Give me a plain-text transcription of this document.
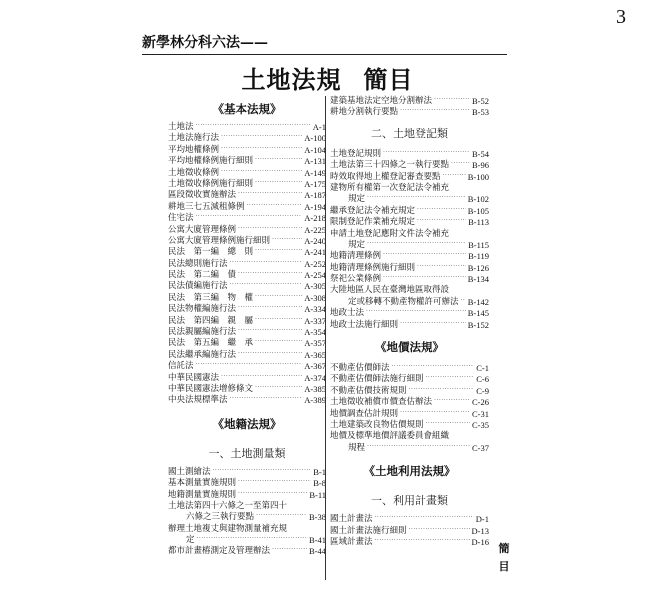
3
新學林分科六法——
土地法規 簡目
《基本法規》
土地法 ·····	A-1
土地法施行法 ·····	A-100
平均地權條例 ·····	A-104
平均地權條例施行細則 ·····	A-131
土地徵收條例 ·····	A-149
土地徵收條例施行細則 ·····	A-175
區段徵收實施辦法 ·····	A-187
耕地三七五減租條例 ·····	A-194
住宅法 ·····	A-218
公寓大廈管理條例 ·····	A-225
公寓大廈管理條例施行細則 ·····	A-240
民法　第一編　總　則 ·····	A-241
民法總則施行法 ·····	A-252
民法　第二編　債 ·····	A-254
民法債編施行法 ·····	A-305
民法　第三編　物　權 ·····	A-308
民法物權編施行法 ·····	A-334
民法　第四編　親　屬 ·····	A-337
民法親屬編施行法 ·····	A-354
民法　第五編　繼　承 ·····	A-357
民法繼承編施行法 ·····	A-365
信託法 ·····	A-367
中華民國憲法 ·····	A-374
中華民國憲法增修條文 ·····	A-385
中央法規標準法 ·····	A-389
《地籍法規》
一、土地測量類
國土測繪法 ·····	B-1
基本測量實施規則 ·····	B-8
地籍測量實施規則 ·····	B-11
土地法第四十六條之一至第四十
六條之三執行要點 ·····	B-38
辦理土地複丈與建物測量補充規
定 ·····	B-41
都市計畫樁測定及管理辦法 ·····	B-44
建築基地法定空地分割辦法 ·····	B-52
耕地分割執行要點 ·····	B-53
二、土地登記類
土地登記規則 ·····	B-54
土地法第三十四條之一執行要點 ·····	B-96
時效取得地上權登記審查要點 ·····	B-100
建物所有權第一次登記法令補充
規定 ·····	B-102
繼承登記法令補充規定 ·····	B-105
限制登記作業補充規定 ·····	B-113
申請土地登記應附文件法令補充
規定 ·····	B-115
地籍清理條例 ·····	B-119
地籍清理條例施行細則 ·····	B-126
祭祀公業條例 ·····	B-134
大陸地區人民在臺灣地區取得設
定或移轉不動產物權許可辦法 ····· B-142
地政士法 ·····	B-145
地政士法施行細則 ·····	B-152
《地價法規》
不動產估價師法 ·····	C-1
不動產估價師法施行細則 ·····	C-6
不動產估價技術規則 ·····	C-9
土地徵收補償市價查估辦法 ·····	C-26
地價調查估計規則 ·····	C-31
土地建築改良物估價規則 ·····	C-35
地價及標準地價評議委員會組織
規程 ·····	C-37
《土地利用法規》
一、利用計畫類
國土計畫法 ·····	D-1
國土計畫法施行細則 ·····	D-13
區域計畫法 ·····	D-16
簡
目
